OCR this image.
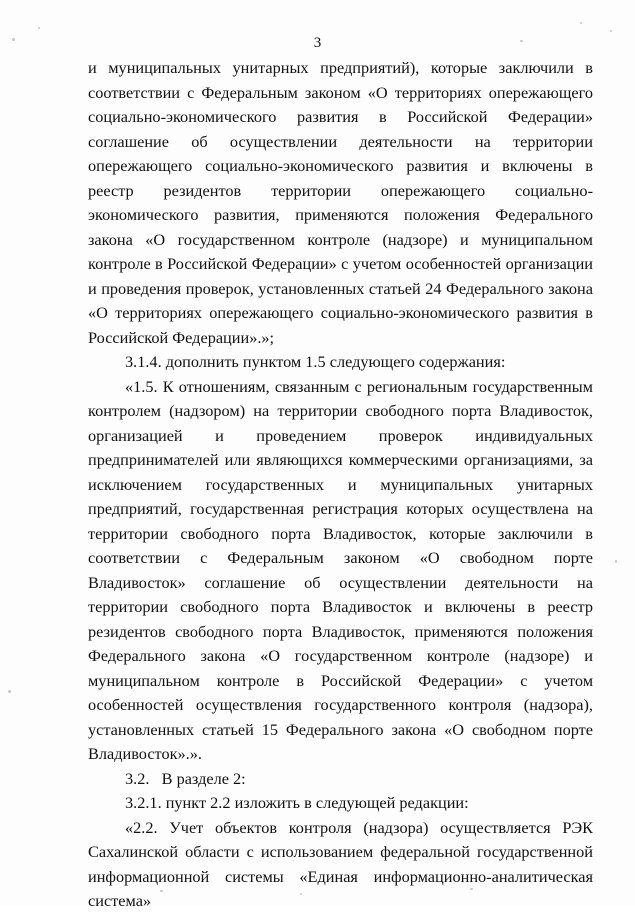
3

и муниципальных унитарных предприятий), которые заключили в соответствии с Федеральным законом «О территориях опережающего социально-экономического развития в Российской Федерации» соглашение об осуществлении деятельности на территории опережающего социально-экономического развития и включены в реестр резидентов территории опережающего социально-экономического развития, применяются положения Федерального закона «О государственном контроле (надзоре) и муниципальном контроле в Российской Федерации» с учетом особенностей организации и проведения проверок, установленных статьей 24 Федерального закона «О территориях опережающего социально-экономического развития в Российской Федерации».»;

3.1.4. дополнить пунктом 1.5 следующего содержания:

«1.5. К отношениям, связанным с региональным государственным контролем (надзором) на территории свободного порта Владивосток, организацией и проведением проверок индивидуальных предпринимателей или являющихся коммерческими организациями, за исключением государственных и муниципальных унитарных предприятий, государственная регистрация которых осуществлена на территории свободного порта Владивосток, которые заключили в соответствии с Федеральным законом «О свободном порте Владивосток» соглашение об осуществлении деятельности на территории свободного порта Владивосток и включены в реестр резидентов свободного порта Владивосток, применяются положения Федерального закона «О государственном контроле (надзоре) и муниципальном контроле в Российской Федерации» с учетом особенностей осуществления государственного контроля (надзора), установленных статьей 15 Федерального закона «О свободном порте Владивосток».».

3.2.   В разделе 2:

3.2.1. пункт 2.2 изложить в следующей редакции:

«2.2. Учет объектов контроля (надзора) осуществляется РЭК Сахалинской области с использованием федеральной государственной информационной системы «Единая информационно-аналитическая система»
